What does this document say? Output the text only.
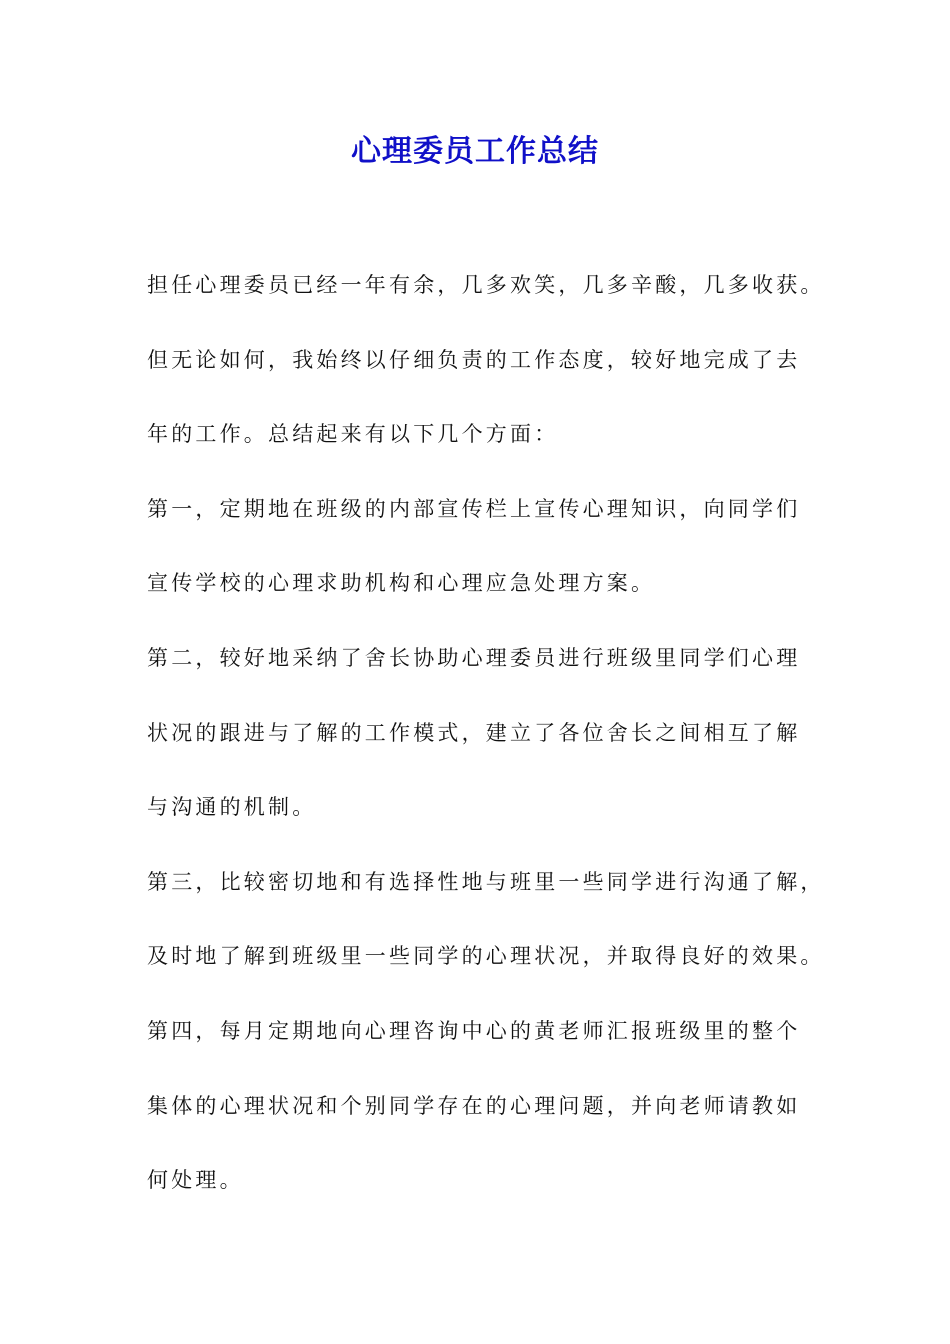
心理委员工作总结
担任心理委员已经一年有余，几多欢笑，几多辛酸，几多收获。
但无论如何，我始终以仔细负责的工作态度，较好地完成了去
年的工作。总结起来有以下几个方面：
第一，定期地在班级的内部宣传栏上宣传心理知识，向同学们
宣传学校的心理求助机构和心理应急处理方案。
第二，较好地采纳了舍长协助心理委员进行班级里同学们心理
状况的跟进与了解的工作模式，建立了各位舍长之间相互了解
与沟通的机制。
第三，比较密切地和有选择性地与班里一些同学进行沟通了解，
及时地了解到班级里一些同学的心理状况，并取得良好的效果。
第四，每月定期地向心理咨询中心的黄老师汇报班级里的整个
集体的心理状况和个别同学存在的心理问题，并向老师请教如
何处理。
